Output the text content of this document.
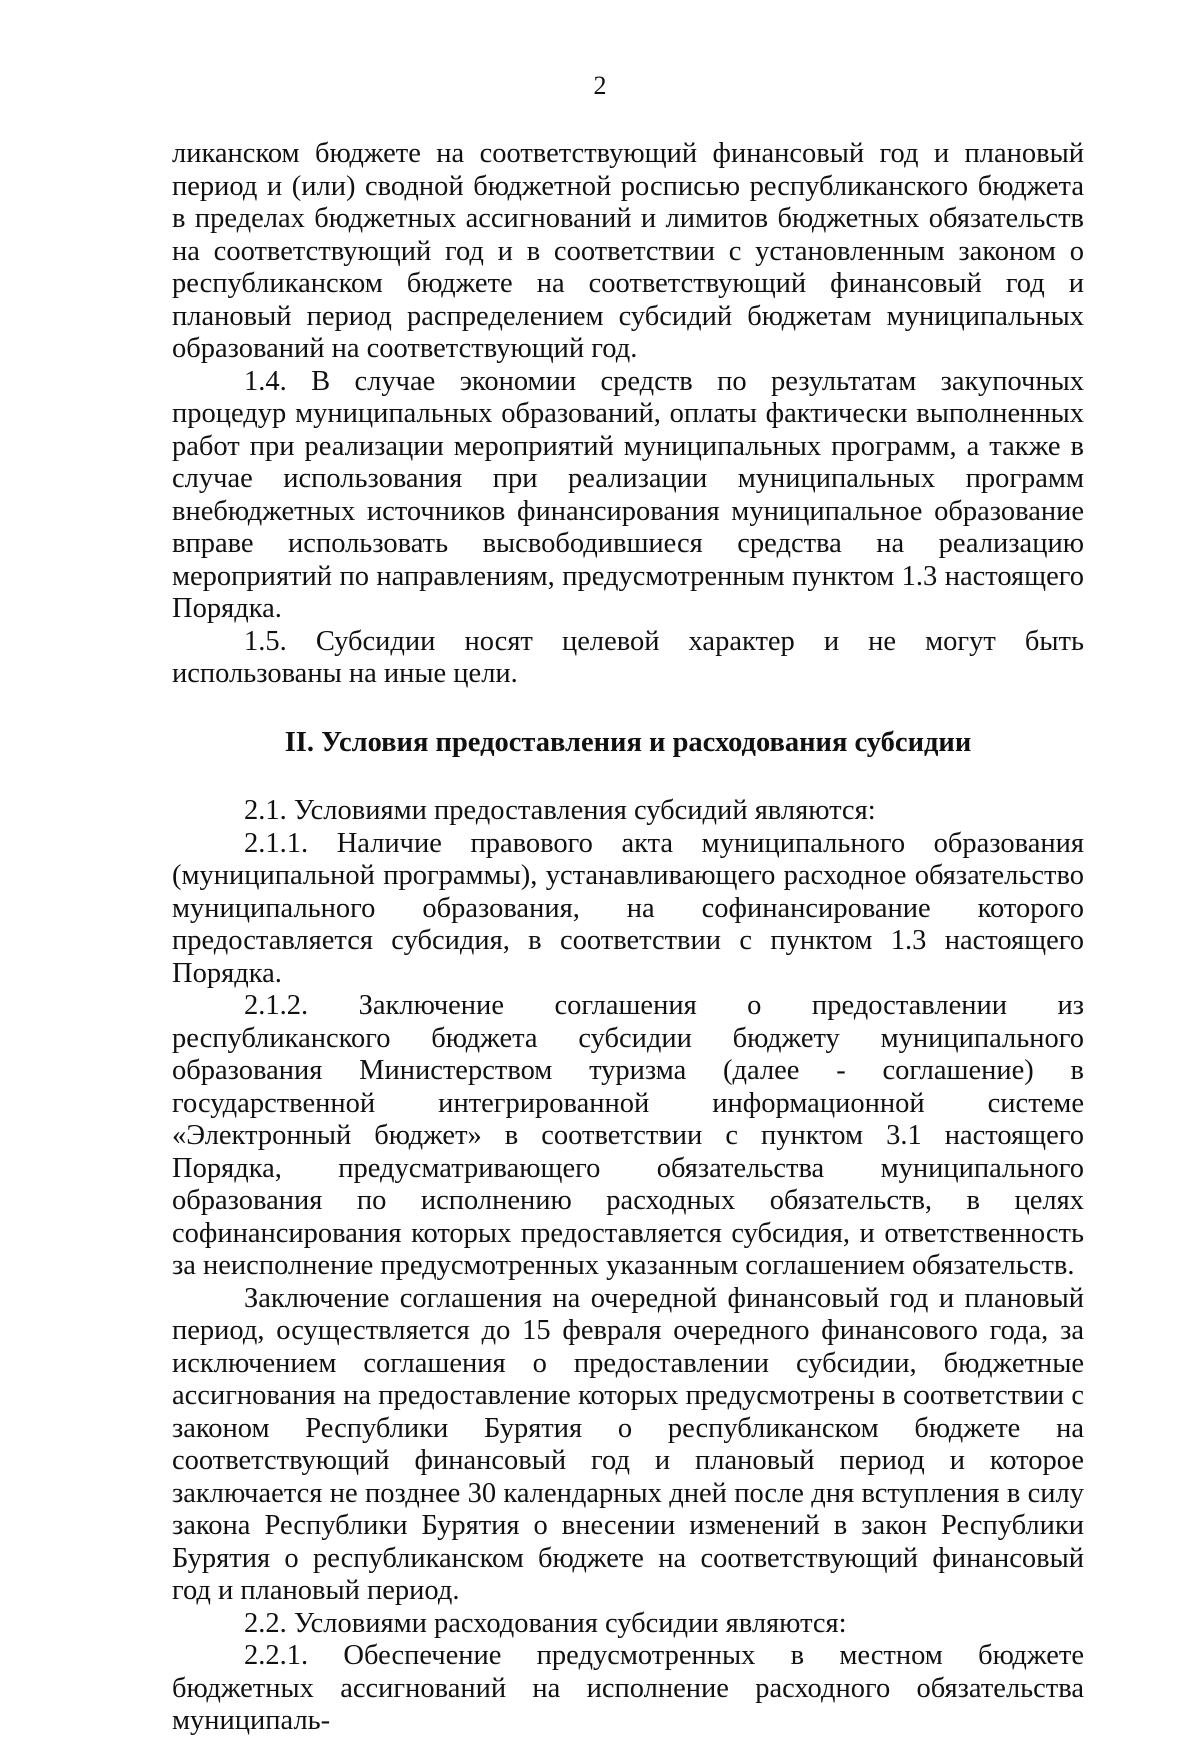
2

ликанском бюджете на соответствующий финансовый год и плановый период и (или) сводной бюджетной росписью республиканского бюджета в пределах бюджетных ассигнований и лимитов бюджетных обязательств на соответствующий год и в соответствии с установленным законом о республиканском бюджете на соответствующий финансовый год и плановый период распределением субсидий бюджетам муниципальных образований на соответствующий год.

1.4. В случае экономии средств по результатам закупочных процедур муниципальных образований, оплаты фактически выполненных работ при реализации мероприятий муниципальных программ, а также в случае использования при реализации муниципальных программ внебюджетных источников финансирования муниципальное образование вправе использовать высвободившиеся средства на реализацию мероприятий по направлениям, предусмотренным пунктом 1.3 настоящего Порядка.

1.5. Субсидии носят целевой характер и не могут быть использованы на иные цели.

II. Условия предоставления и расходования субсидии

2.1. Условиями предоставления субсидий являются:

2.1.1. Наличие правового акта муниципального образования (муниципальной программы), устанавливающего расходное обязательство муниципального образования, на софинансирование которого предоставляется субсидия, в соответствии с пунктом 1.3 настоящего Порядка.

2.1.2. Заключение соглашения о предоставлении из республиканского бюджета субсидии бюджету муниципального образования Министерством туризма (далее - соглашение) в государственной интегрированной информационной системе «Электронный бюджет» в соответствии с пунктом 3.1 настоящего Порядка, предусматривающего обязательства муниципального образования по исполнению расходных обязательств, в целях софинансирования которых предоставляется субсидия, и ответственность за неисполнение предусмотренных указанным соглашением обязательств.

Заключение соглашения на очередной финансовый год и плановый период, осуществляется до 15 февраля очередного финансового года, за исключением соглашения о предоставлении субсидии, бюджетные ассигнования на предоставление которых предусмотрены в соответствии с законом Республики Бурятия о республиканском бюджете на соответствующий финансовый год и плановый период и которое заключается не позднее 30 календарных дней после дня вступления в силу закона Республики Бурятия о внесении изменений в закон Республики Бурятия о республиканском бюджете на соответствующий финансовый год и плановый период.

2.2. Условиями расходования субсидии являются:

2.2.1. Обеспечение предусмотренных в местном бюджете бюджетных ассигнований на исполнение расходного обязательства муниципаль-
